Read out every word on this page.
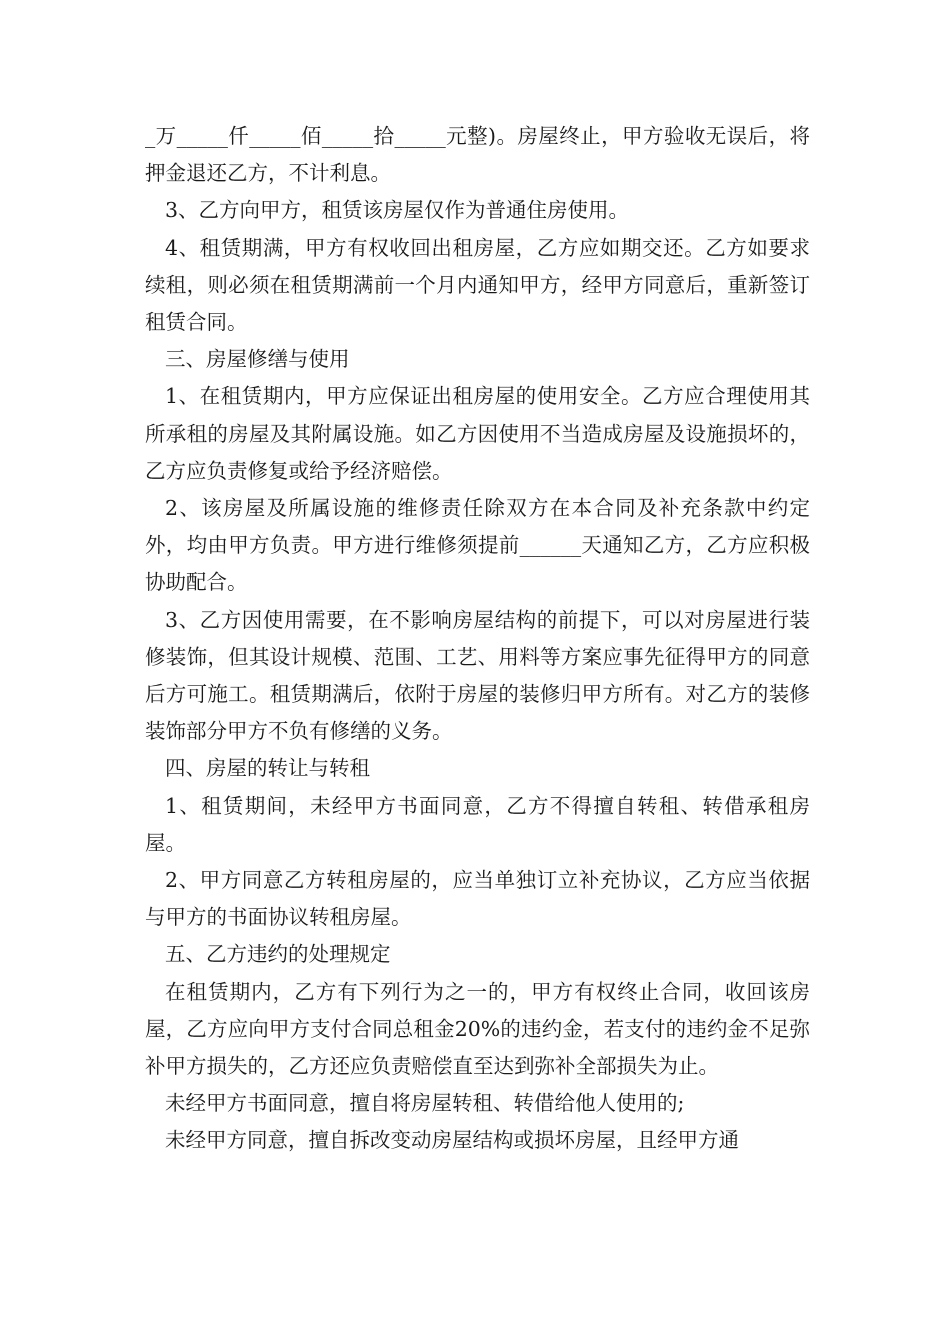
_万_____仟_____佰_____拾_____元整)。房屋终止，甲方验收无误后，将押金退还乙方，不计利息。

3、乙方向甲方，租赁该房屋仅作为普通住房使用。

4、租赁期满，甲方有权收回出租房屋，乙方应如期交还。乙方如要求续租，则必须在租赁期满前一个月内通知甲方，经甲方同意后，重新签订租赁合同。

三、房屋修缮与使用

1、在租赁期内，甲方应保证出租房屋的使用安全。乙方应合理使用其所承租的房屋及其附属设施。如乙方因使用不当造成房屋及设施损坏的，乙方应负责修复或给予经济赔偿。

2、该房屋及所属设施的维修责任除双方在本合同及补充条款中约定外，均由甲方负责。甲方进行维修须提前______天通知乙方，乙方应积极协助配合。

3、乙方因使用需要，在不影响房屋结构的前提下，可以对房屋进行装修装饰，但其设计规模、范围、工艺、用料等方案应事先征得甲方的同意后方可施工。租赁期满后，依附于房屋的装修归甲方所有。对乙方的装修装饰部分甲方不负有修缮的义务。

四、房屋的转让与转租

1、租赁期间，未经甲方书面同意，乙方不得擅自转租、转借承租房屋。

2、甲方同意乙方转租房屋的，应当单独订立补充协议，乙方应当依据与甲方的书面协议转租房屋。

五、乙方违约的处理规定

在租赁期内，乙方有下列行为之一的，甲方有权终止合同，收回该房屋，乙方应向甲方支付合同总租金20%的违约金，若支付的违约金不足弥补甲方损失的，乙方还应负责赔偿直至达到弥补全部损失为止。

未经甲方书面同意，擅自将房屋转租、转借给他人使用的;

未经甲方同意，擅自拆改变动房屋结构或损坏房屋，且经甲方通
